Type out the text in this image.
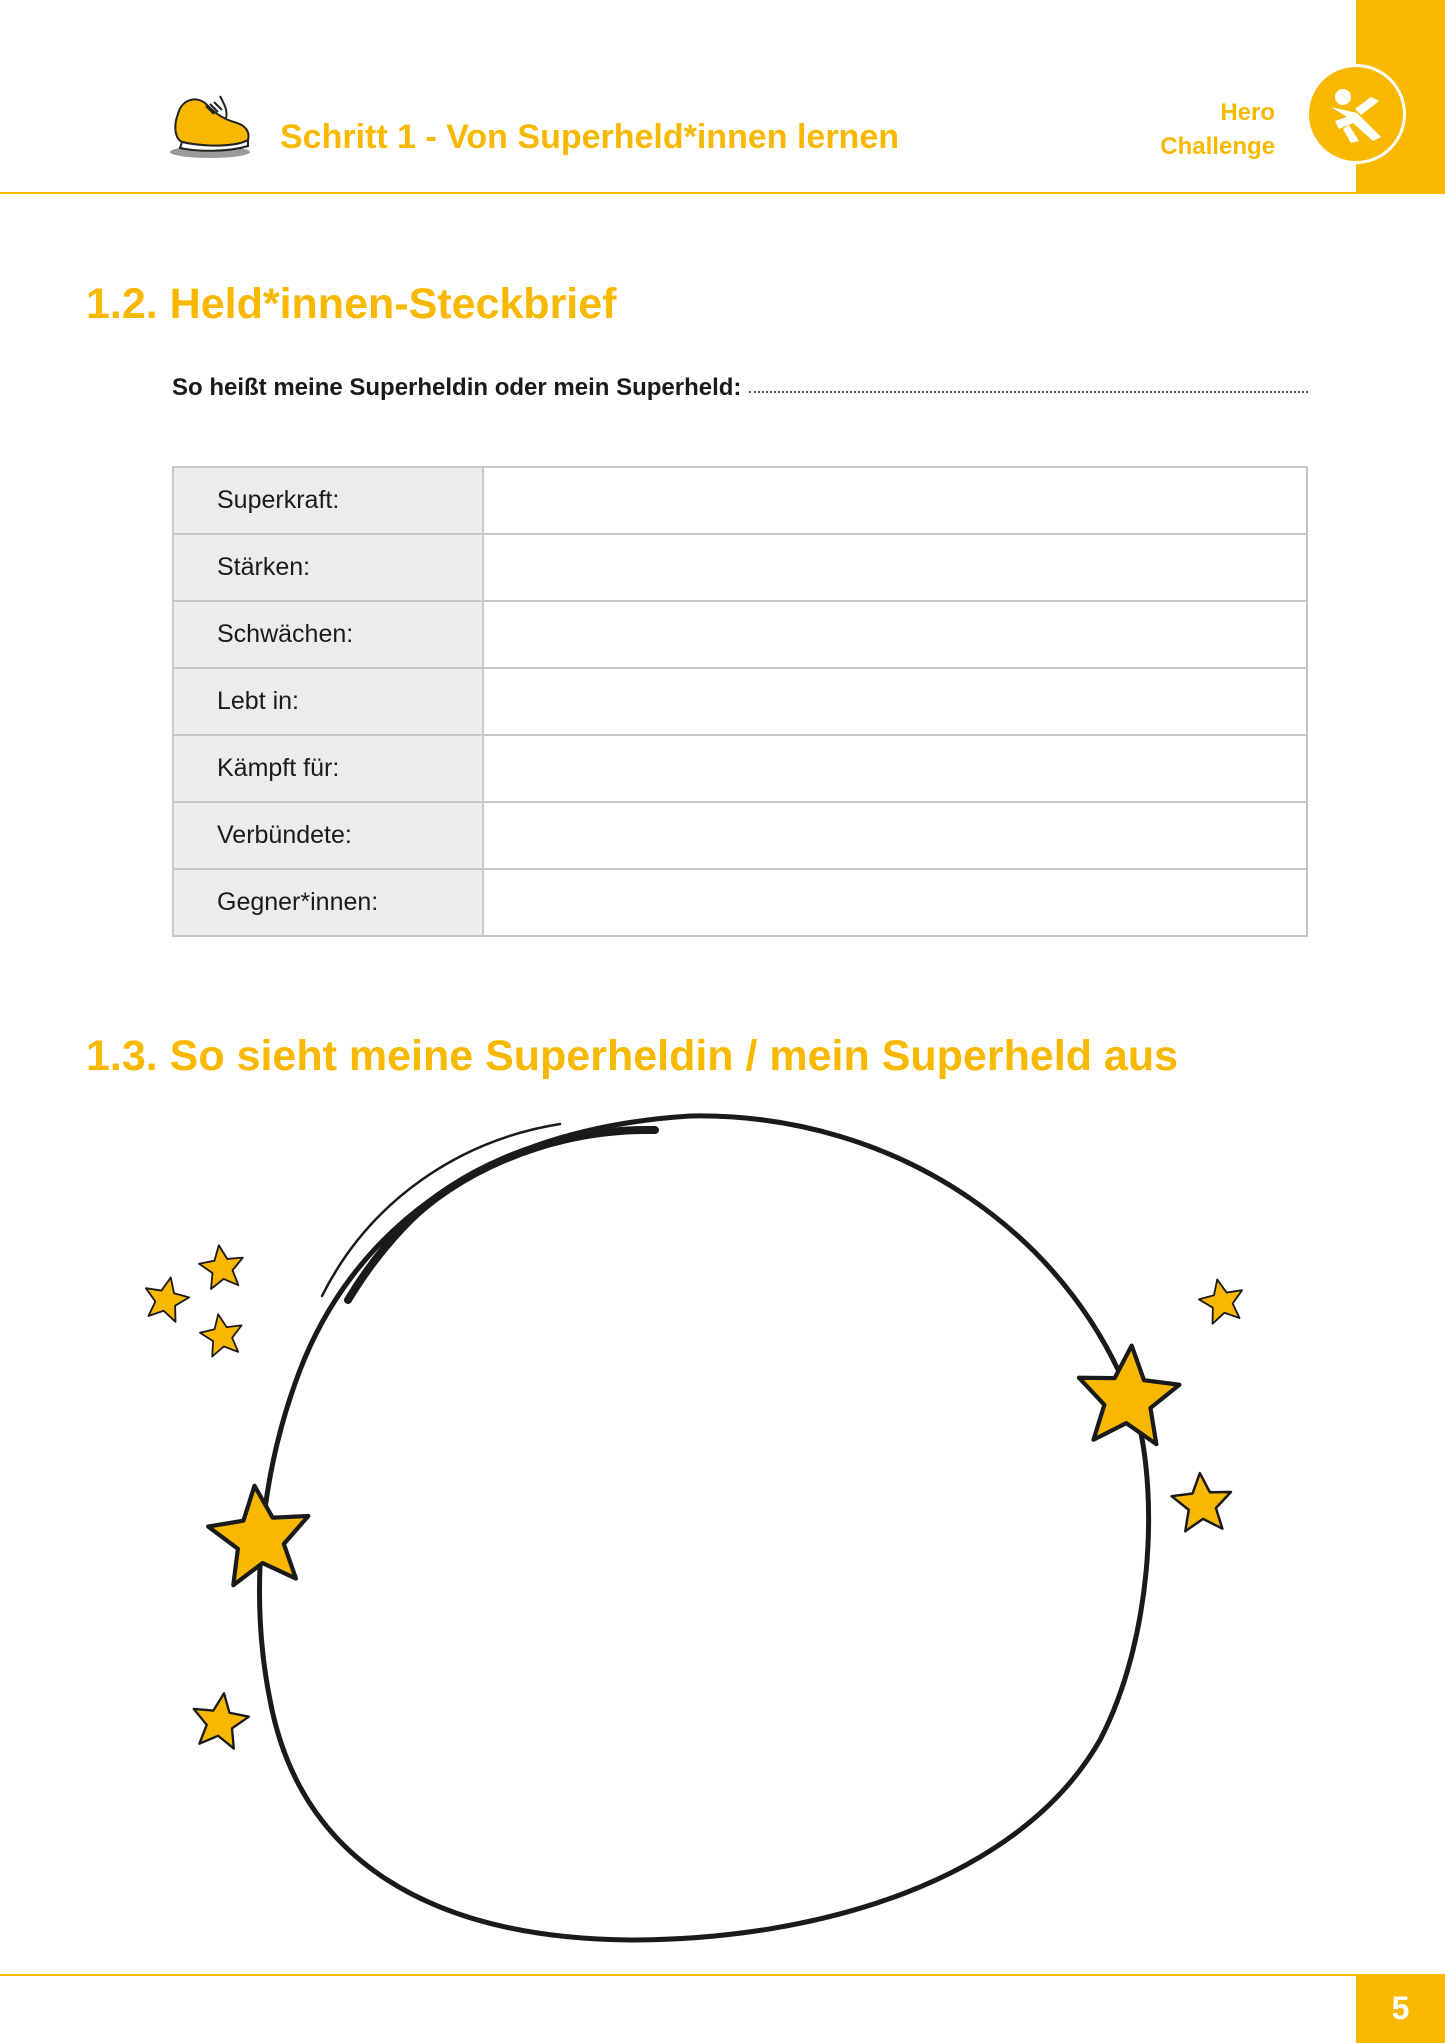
Schritt 1 - Von Superheld*innen lernen
Hero
Challenge
1.2. Held*innen-Steckbrief
So heißt meine Superheldin oder mein Superheld:
Superkraft:	
Stärken:	
Schwächen:	
Lebt in:	
Kämpft für:	
Verbündete:	
Gegner*innen:	
1.3. So sieht meine Superheldin / mein Superheld aus
5
